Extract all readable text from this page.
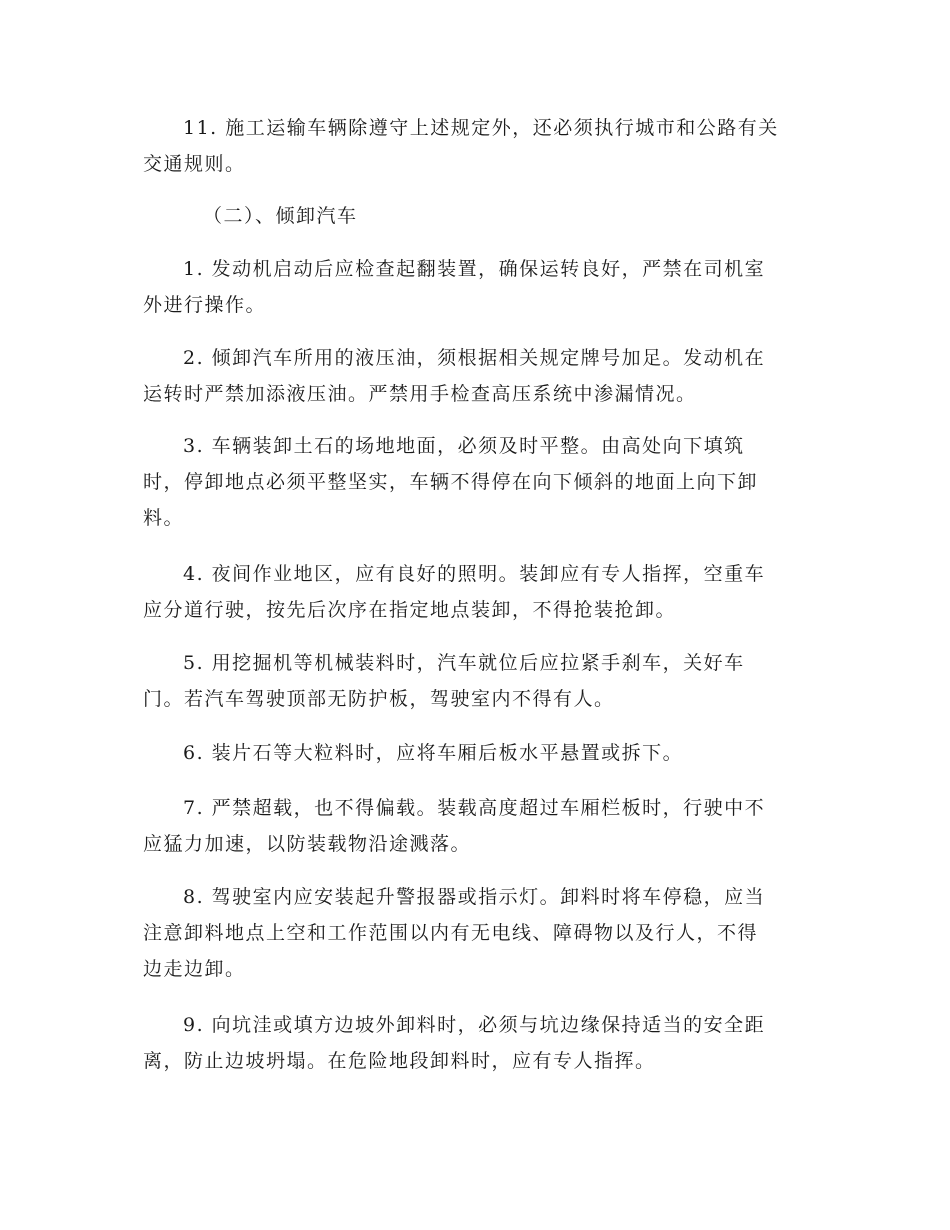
11. 施工运输车辆除遵守上述规定外，还必须执行城市和公路有关
交通规则。
（二）、倾卸汽车
1. 发动机启动后应检查起翻装置，确保运转良好，严禁在司机室
外进行操作。
2. 倾卸汽车所用的液压油，须根据相关规定牌号加足。发动机在
运转时严禁加添液压油。严禁用手检查高压系统中渗漏情况。
3. 车辆装卸土石的场地地面，必须及时平整。由高处向下填筑
时，停卸地点必须平整坚实，车辆不得停在向下倾斜的地面上向下卸
料。
4. 夜间作业地区，应有良好的照明。装卸应有专人指挥，空重车
应分道行驶，按先后次序在指定地点装卸，不得抢装抢卸。
5. 用挖掘机等机械装料时，汽车就位后应拉紧手刹车，关好车
门。若汽车驾驶顶部无防护板，驾驶室内不得有人。
6. 装片石等大粒料时，应将车厢后板水平悬置或拆下。
7. 严禁超载，也不得偏载。装载高度超过车厢栏板时，行驶中不
应猛力加速，以防装载物沿途溅落。
8. 驾驶室内应安装起升警报器或指示灯。卸料时将车停稳，应当
注意卸料地点上空和工作范围以内有无电线、障碍物以及行人，不得
边走边卸。
9. 向坑洼或填方边坡外卸料时，必须与坑边缘保持适当的安全距
离，防止边坡坍塌。在危险地段卸料时，应有专人指挥。
